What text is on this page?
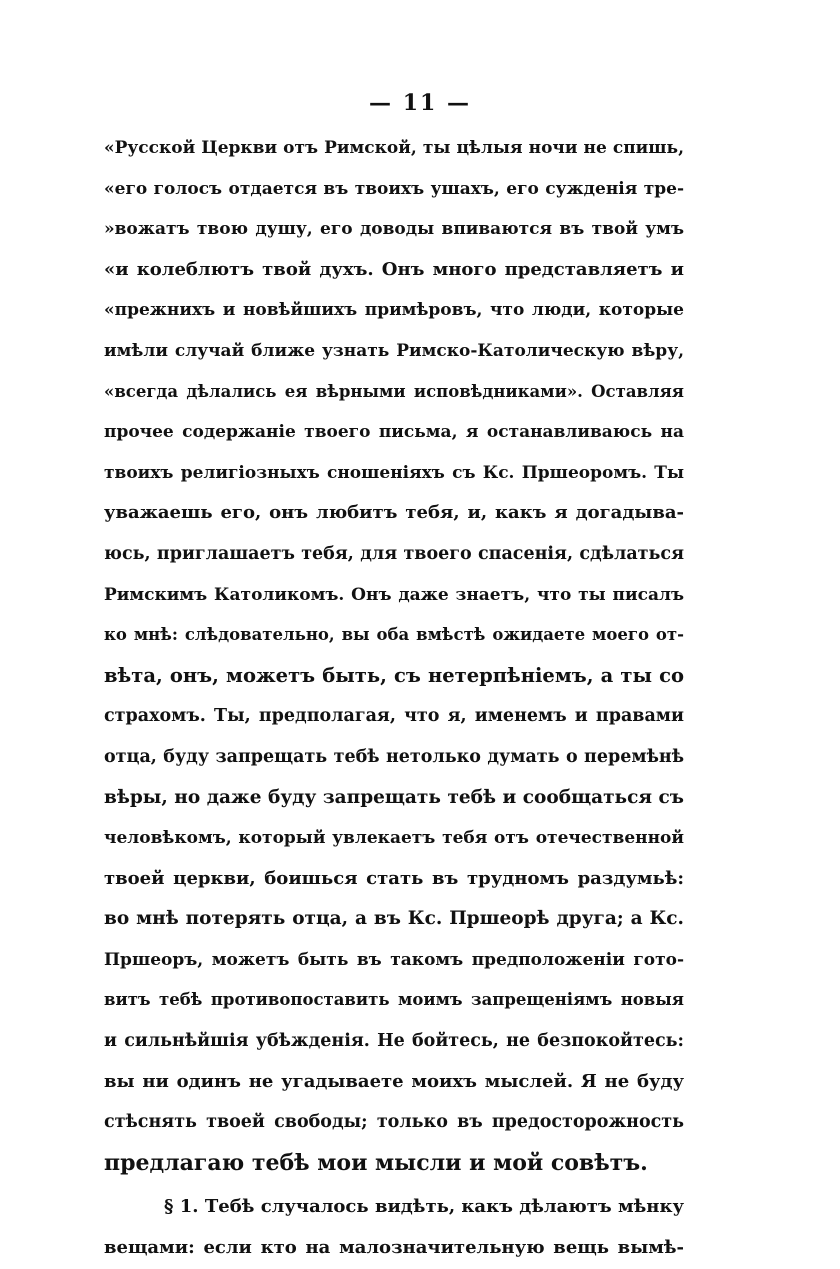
— 11 —
«Русской Церкви отъ Римской, ты цѣлыя ночи не спишь,
«его голосъ отдается въ твоихъ ушахъ, его сужденія тре-
»вожатъ твою душу, его доводы впиваются въ твой умъ
«и колеблютъ твой духъ. Онъ много представляетъ и
«прежнихъ и новѣйшихъ примѣровъ, что люди, которые
имѣли случай ближе узнать Римско-Католическую вѣру,
«всегда дѣлались ея вѣрными исповѣдниками». Оставляя
прочее содержаніе твоего письма, я останавливаюсь на
твоихъ религіозныхъ сношеніяхъ съ Кс. Пршеоромъ. Ты
уважаешь его, онъ любитъ тебя, и, какъ я догадыва-
юсь, приглашаетъ тебя, для твоего спасенія, сдѣлаться
Римскимъ Католикомъ. Онъ даже знаетъ, что ты писалъ
ко мнѣ: слѣдовательно, вы оба вмѣстѣ ожидаете моего от-
вѣта, онъ, можетъ быть, съ нетерпѣніемъ, а ты со
страхомъ. Ты, предполагая, что я, именемъ и правами
отца, буду запрещать тебѣ нетолько думать о перемѣнѣ
вѣры, но даже буду запрещать тебѣ и сообщаться съ
человѣкомъ, который увлекаетъ тебя отъ отечественной
твоей церкви, боишься стать въ трудномъ раздумьѣ:
во мнѣ потерять отца, а въ Кс. Пршеорѣ друга; а Кс.
Пршеоръ, можетъ быть въ такомъ предположеніи гото-
витъ тебѣ противопоставить моимъ запрещеніямъ новыя
и сильнѣйшія убѣжденія. Не бойтесь, не безпокойтесь:
вы ни одинъ не угадываете моихъ мыслей. Я не буду
стѣснять твоей свободы; только въ предосторожность
предлагаю тебѣ мои мысли и мой совѣтъ.
§ 1. Тебѣ случалось видѣть, какъ дѣлаютъ мѣнку
вещами: если кто на малозначительную вещь вымѣ-
